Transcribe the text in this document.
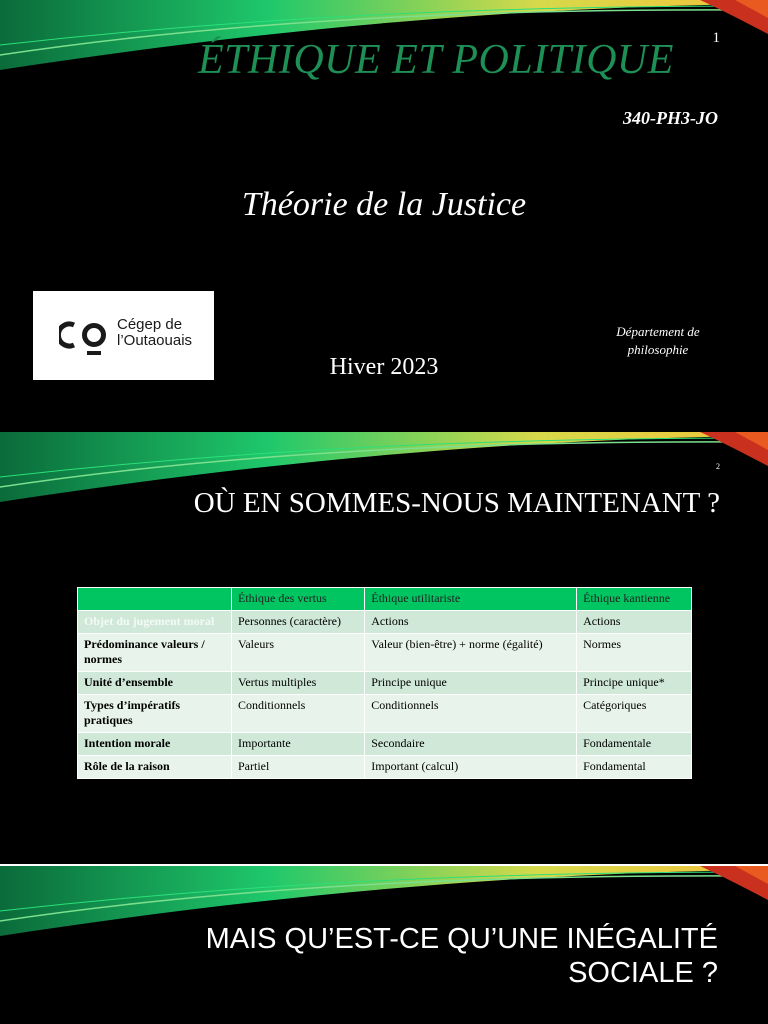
1
ÉTHIQUE ET POLITIQUE
340-PH3-JO
Théorie de la Justice
Cégep de
l’Outaouais
Département de philosophie
Hiver 2023
2
OÙ EN SOMMES-NOUS MAINTENANT ?
	Éthique des vertus	Éthique utilitariste	Éthique kantienne
Objet du jugement moral	Personnes (caractère)	Actions	Actions
Prédominance valeurs / normes	Valeurs	Valeur (bien-être) + norme (égalité)	Normes
Unité d’ensemble	Vertus multiples	Principe unique	Principe unique*
Types d’impératifs pratiques	Conditionnels	Conditionnels	Catégoriques
Intention morale	Importante	Secondaire	Fondamentale
Rôle de la raison	Partiel	Important (calcul)	Fondamental
MAIS QU’EST-CE QU’UNE INÉGALITÉ SOCIALE ?
